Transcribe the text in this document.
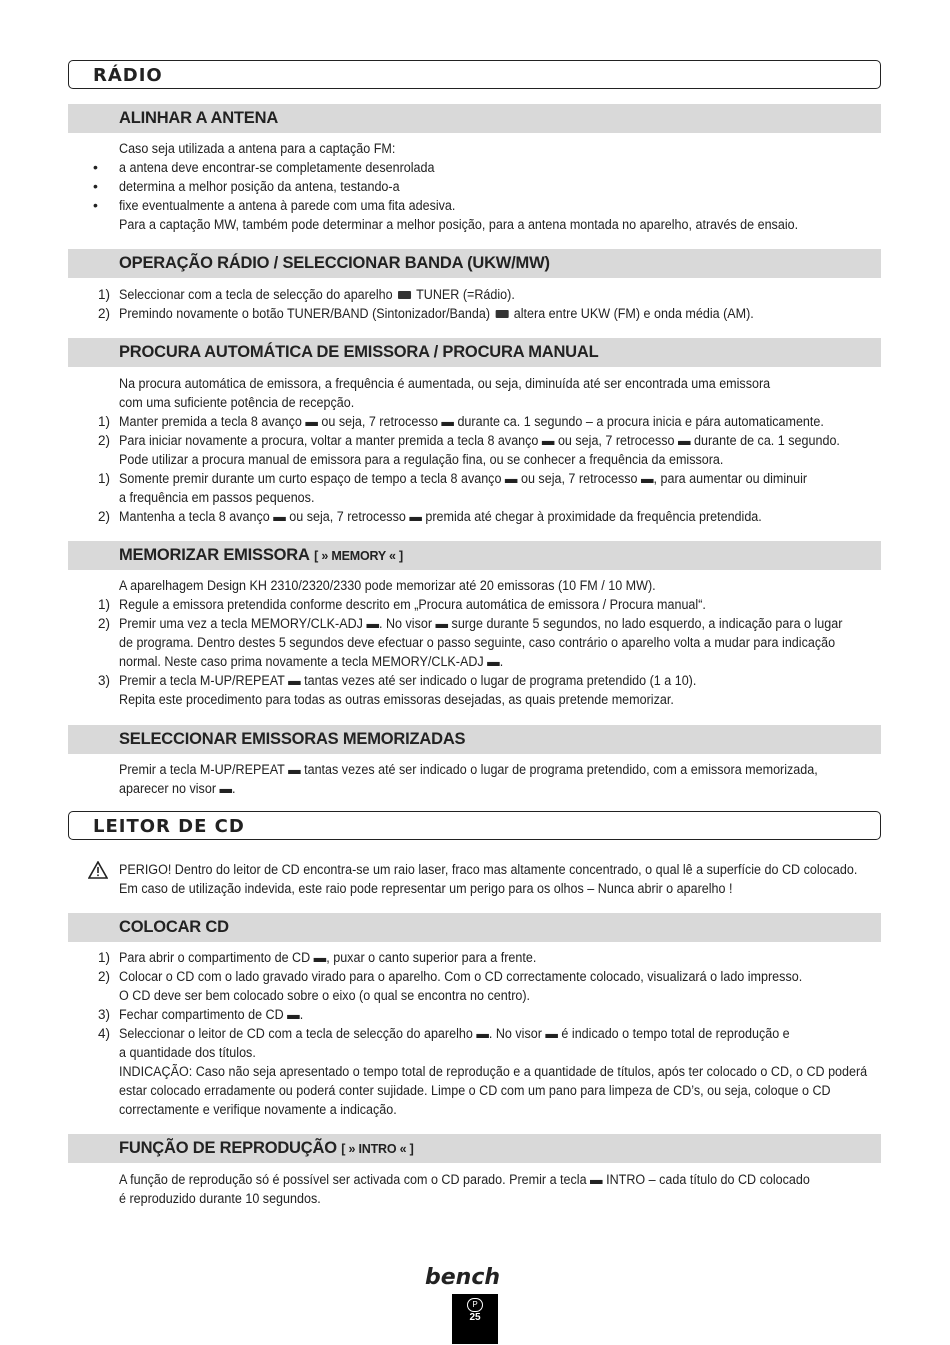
RÁDIO
ALINHAR A ANTENA
Caso seja utilizada a antena para a captação FM:
• a antena deve encontrar-se completamente desenrolada
• determina a melhor posição da antena, testando-a
• fixe eventualmente a antena à parede com uma fita adesiva.
Para a captação MW, também pode determinar a melhor posição, para a antena montada no aparelho, através de ensaio.
OPERAÇÃO RÁDIO / SELECCIONAR BANDA (UKW/MW)
1) Seleccionar com a tecla de selecção do aparelho TUNER (=Rádio).
2) Premindo novamente o botão TUNER/BAND (Sintonizador/Banda) altera entre UKW (FM) e onda média (AM).
PROCURA AUTOMÁTICA DE EMISSORA / PROCURA MANUAL
Na procura automática de emissora, a frequência é aumentada, ou seja, diminuída até ser encontrada uma emissora
com uma suficiente potência de recepção.
1) Manter premida a tecla 8 avanço ▬ ou seja, 7 retrocesso ▬ durante ca. 1 segundo – a procura inicia e pára automaticamente.
2) Para iniciar novamente a procura, voltar a manter premida a tecla 8 avanço ▬ ou seja, 7 retrocesso ▬ durante de ca. 1 segundo.
Pode utilizar a procura manual de emissora para a regulação fina, ou se conhecer a frequência da emissora.
1) Somente premir durante um curto espaço de tempo a tecla 8 avanço ▬ ou seja, 7 retrocesso ▬, para aumentar ou diminuir
a frequência em passos pequenos.
2) Mantenha a tecla 8 avanço ▬ ou seja, 7 retrocesso ▬ premida até chegar à proximidade da frequência pretendida.
MEMORIZAR EMISSORA [ » MEMORY « ]
A aparelhagem Design KH 2310/2320/2330 pode memorizar até 20 emissoras (10 FM / 10 MW).
1) Regule a emissora pretendida conforme descrito em „Procura automática de emissora / Procura manual“.
2) Premir uma vez a tecla MEMORY/CLK-ADJ ▬. No visor ▬ surge durante 5 segundos, no lado esquerdo, a indicação para o lugar
de programa. Dentro destes 5 segundos deve efectuar o passo seguinte, caso contrário o aparelho volta a mudar para indicação
normal. Neste caso prima novamente a tecla MEMORY/CLK-ADJ ▬.
3) Premir a tecla M-UP/REPEAT ▬ tantas vezes até ser indicado o lugar de programa pretendido (1 a 10).
Repita este procedimento para todas as outras emissoras desejadas, as quais pretende memorizar.
SELECCIONAR EMISSORAS MEMORIZADAS
Premir a tecla M-UP/REPEAT ▬ tantas vezes até ser indicado o lugar de programa pretendido, com a emissora memorizada,
aparecer no visor ▬.
LEITOR DE CD
PERIGO! Dentro do leitor de CD encontra-se um raio laser, fraco mas altamente concentrado, o qual lê a superfície do CD colocado.
Em caso de utilização indevida, este raio pode representar um perigo para os olhos – Nunca abrir o aparelho !
COLOCAR CD
1) Para abrir o compartimento de CD ▬, puxar o canto superior para a frente.
2) Colocar o CD com o lado gravado virado para o aparelho. Com o CD correctamente colocado, visualizará o lado impresso.
O CD deve ser bem colocado sobre o eixo (o qual se encontra no centro).
3) Fechar compartimento de CD ▬.
4) Seleccionar o leitor de CD com a tecla de selecção do aparelho ▬. No visor ▬ é indicado o tempo total de reprodução e
a quantidade dos títulos.
INDICAÇÃO: Caso não seja apresentado o tempo total de reprodução e a quantidade de títulos, após ter colocado o CD, o CD poderá
estar colocado erradamente ou poderá conter sujidade. Limpe o CD com um pano para limpeza de CD’s, ou seja, coloque o CD
correctamente e verifique novamente a indicação.
FUNÇÃO DE REPRODUÇÃO [ » INTRO « ]
A função de reprodução só é possível ser activada com o CD parado. Premir a tecla ▬ INTRO – cada título do CD colocado
é reproduzido durante 10 segundos.
bench
P
25
